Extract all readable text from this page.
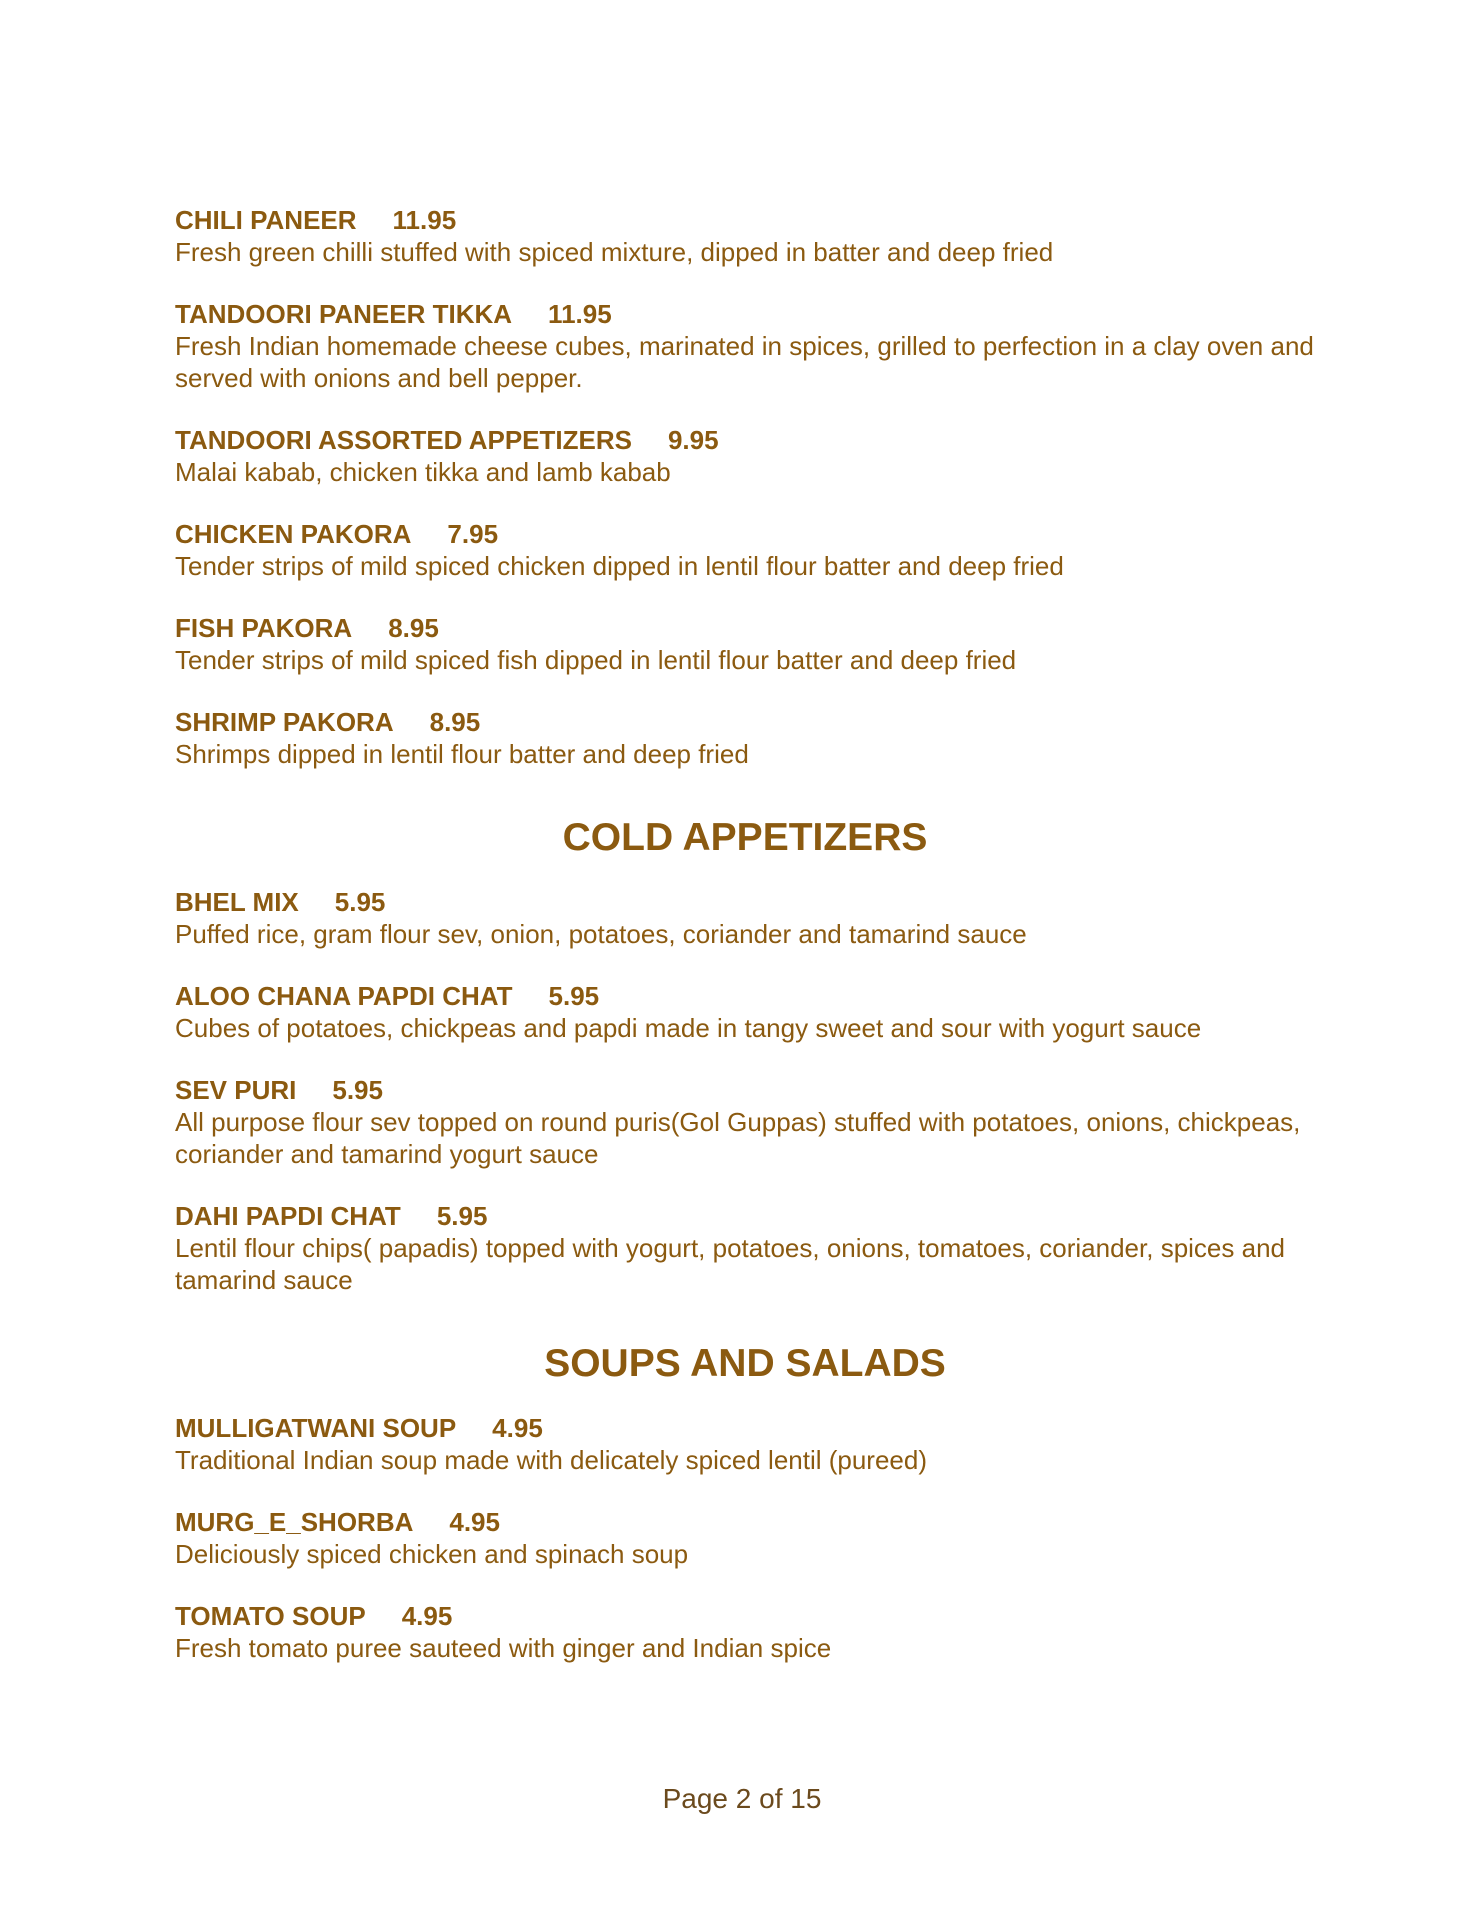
CHILI PANEER 11.95
Fresh green chilli stuffed with spiced mixture, dipped in batter and deep fried
TANDOORI PANEER TIKKA 11.95
Fresh Indian homemade cheese cubes, marinated in spices, grilled to perfection in a clay oven and served with onions and bell pepper.
TANDOORI ASSORTED APPETIZERS 9.95
Malai kabab, chicken tikka and lamb kabab
CHICKEN PAKORA 7.95
Tender strips of mild spiced chicken dipped in lentil flour batter and deep fried
FISH PAKORA 8.95
Tender strips of mild spiced fish dipped in lentil flour batter and deep fried
SHRIMP PAKORA 8.95
Shrimps dipped in lentil flour batter and deep fried
COLD APPETIZERS
BHEL MIX 5.95
Puffed rice, gram flour sev, onion, potatoes, coriander and tamarind sauce
ALOO CHANA PAPDI CHAT 5.95
Cubes of potatoes, chickpeas and papdi made in tangy sweet and sour with yogurt sauce
SEV PURI 5.95
All purpose flour sev topped on round puris(Gol Guppas) stuffed with potatoes, onions, chickpeas, coriander and tamarind yogurt sauce
DAHI PAPDI CHAT 5.95
Lentil flour chips( papadis) topped with yogurt, potatoes, onions, tomatoes, coriander, spices and tamarind sauce
SOUPS AND SALADS
MULLIGATWANI SOUP 4.95
Traditional Indian soup made with delicately spiced lentil (pureed)
MURG_E_SHORBA 4.95
Deliciously spiced chicken and spinach soup
TOMATO SOUP 4.95
Fresh tomato puree sauteed with ginger and Indian spice
Page 2 of 15
